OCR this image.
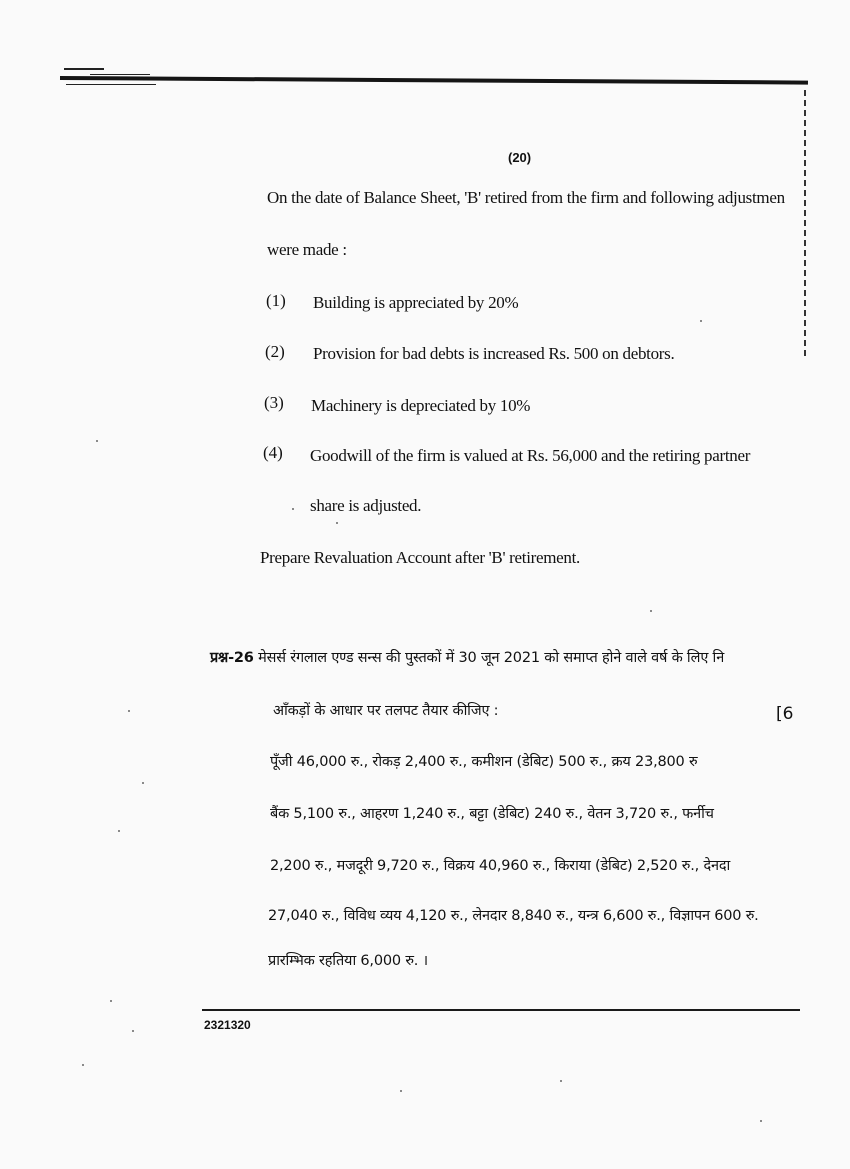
(20)
On the date of Balance Sheet, 'B' retired from the firm and following adjustmen
were made :
(1) Building is appreciated by 20%
(2) Provision for bad debts is increased Rs. 500 on debtors.
(3) Machinery is depreciated by 10%
(4) Goodwill of the firm is valued at Rs. 56,000 and the retiring partner
share is adjusted.
Prepare Revaluation Account after 'B' retirement.
प्रश्न-26 मेसर्स रंगलाल एण्ड सन्स की पुस्तकों में 30 जून 2021 को समाप्त होने वाले वर्ष के लिए नि
आँकड़ों के आधार पर तलपट तैयार कीजिए :	[6
पूँजी 46,000 रु., रोकड़ 2,400 रु., कमीशन (डेबिट) 500 रु., क्रय 23,800 रु
बैंक 5,100 रु., आहरण 1,240 रु., बट्टा (डेबिट) 240 रु., वेतन 3,720 रु., फर्नीच
2,200 रु., मजदूरी 9,720 रु., विक्रय 40,960 रु., किराया (डेबिट) 2,520 रु., देनदा
27,040 रु., विविध व्यय 4,120 रु., लेनदार 8,840 रु., यन्त्र 6,600 रु., विज्ञापन 600 रु.
प्रारम्भिक रहतिया 6,000 रु. ।
2321320
